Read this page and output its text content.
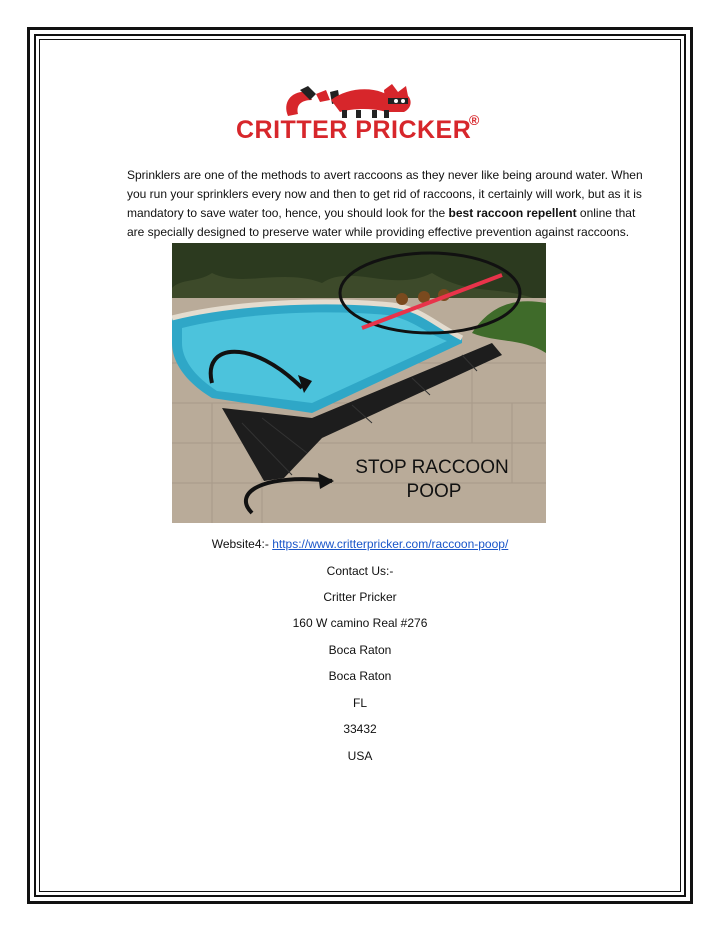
CRITTER PRICKER
®
Sprinklers are one of the methods to avert raccoons as they never like being around water. When you run your sprinklers every now and then to get rid of raccoons, it certainly will work, but as it is mandatory to save water too, hence, you should look for the best raccoon repellent online that are specially designed to preserve water while providing effective prevention against raccoons.
STOP RACCOON
POOP
Website4:- https://www.critterpricker.com/raccoon-poop/
Contact Us:-
Critter Pricker
160 W camino Real #276
Boca Raton
Boca Raton
FL
33432
USA
